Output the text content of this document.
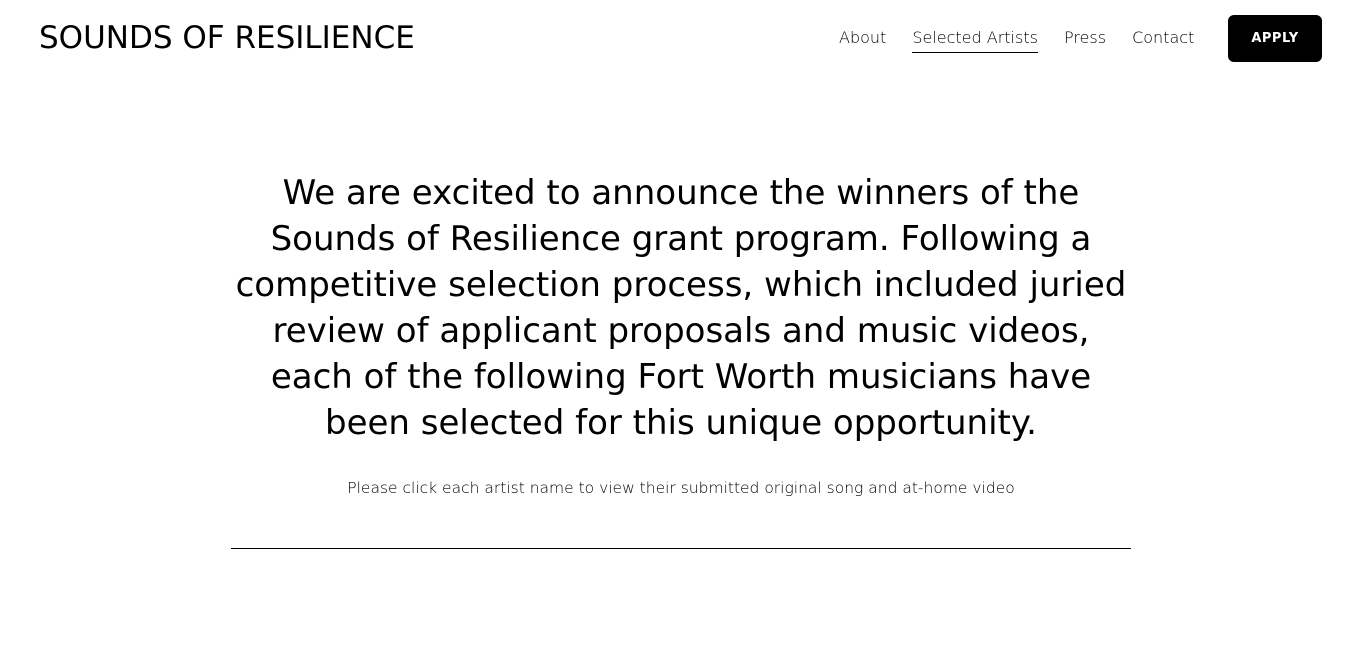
SOUNDS OF RESILIENCE	About Selected Artists Press Contact	APPLY
We are excited to announce the winners of the Sounds of Resilience grant program. Following a competitive selection process, which included juried review of applicant proposals and music videos, each of the following Fort Worth musicians have been selected for this unique opportunity.

Please click each artist name to view their submitted original song and at-home video
